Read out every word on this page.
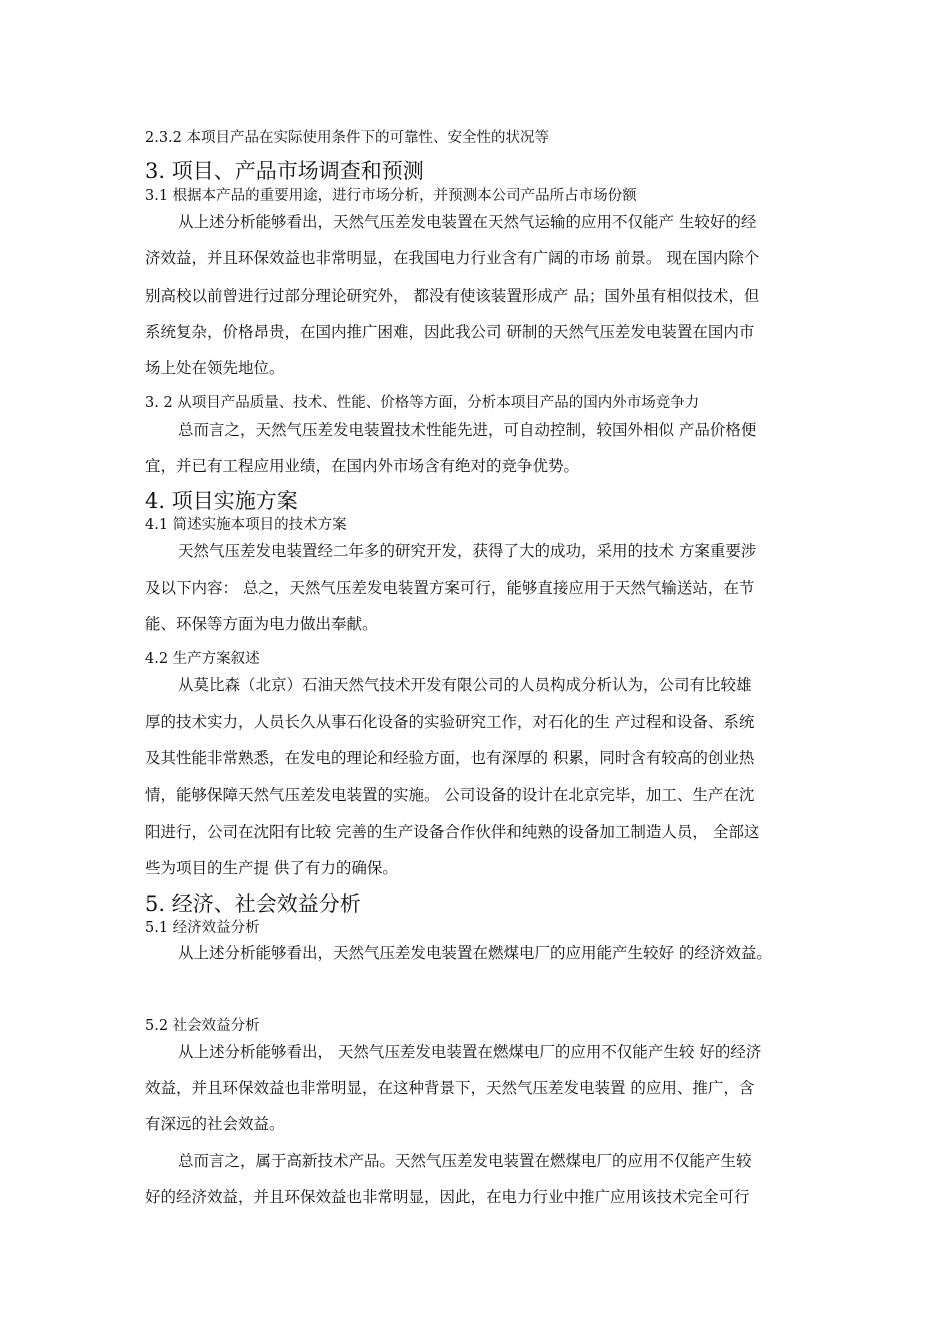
2.3.2 本项目产品在实际使用条件下的可靠性、安全性的状况等
3. 项目、产品市场调查和预测
3.1 根据本产品的重要用途，进行市场分析，并预测本公司产品所占市场份额
从上述分析能够看出，天然气压差发电装置在天然气运输的应用不仅能产 生较好的经
济效益，并且环保效益也非常明显，在我国电力行业含有广阔的市场 前景。 现在国内除个
别高校以前曾进行过部分理论研究外， 都没有使该装置形成产 品；国外虽有相似技术，但
系统复杂，价格昂贵，在国内推广困难，因此我公司 研制的天然气压差发电装置在国内市
场上处在领先地位。
3. 2 从项目产品质量、技术、性能、价格等方面，分析本项目产品的国内外市场竞争力
总而言之，天然气压差发电装置技术性能先进，可自动控制，较国外相似 产品价格便
宜，并已有工程应用业绩，在国内外市场含有绝对的竞争优势。
4. 项目实施方案
4.1 简述实施本项目的技术方案
天然气压差发电装置经二年多的研究开发，获得了大的成功，采用的技术 方案重要涉
及以下内容： 总之，天然气压差发电装置方案可行，能够直接应用于天然气输送站，在节
能、环保等方面为电力做出奉献。
4.2 生产方案叙述
从莫比森（北京）石油天然气技术开发有限公司的人员构成分析认为，公司有比较雄
厚的技术实力，人员长久从事石化设备的实验研究工作，对石化的生 产过程和设备、系统
及其性能非常熟悉，在发电的理论和经验方面，也有深厚的 积累，同时含有较高的创业热
情，能够保障天然气压差发电装置的实施。 公司设备的设计在北京完毕，加工、生产在沈
阳进行，公司在沈阳有比较 完善的生产设备合作伙伴和纯熟的设备加工制造人员， 全部这
些为项目的生产提 供了有力的确保。
5. 经济、社会效益分析
5.1 经济效益分析
从上述分析能够看出，天然气压差发电装置在燃煤电厂的应用能产生较好 的经济效益。
5.2 社会效益分析
从上述分析能够看出， 天然气压差发电装置在燃煤电厂的应用不仅能产生较 好的经济
效益，并且环保效益也非常明显，在这种背景下，天然气压差发电装置 的应用、推广，含
有深远的社会效益。
总而言之，属于高新技术产品。天然气压差发电装置在燃煤电厂的应用不仅能产生较
好的经济效益，并且环保效益也非常明显，因此，在电力行业中推广应用该技术完全可行
